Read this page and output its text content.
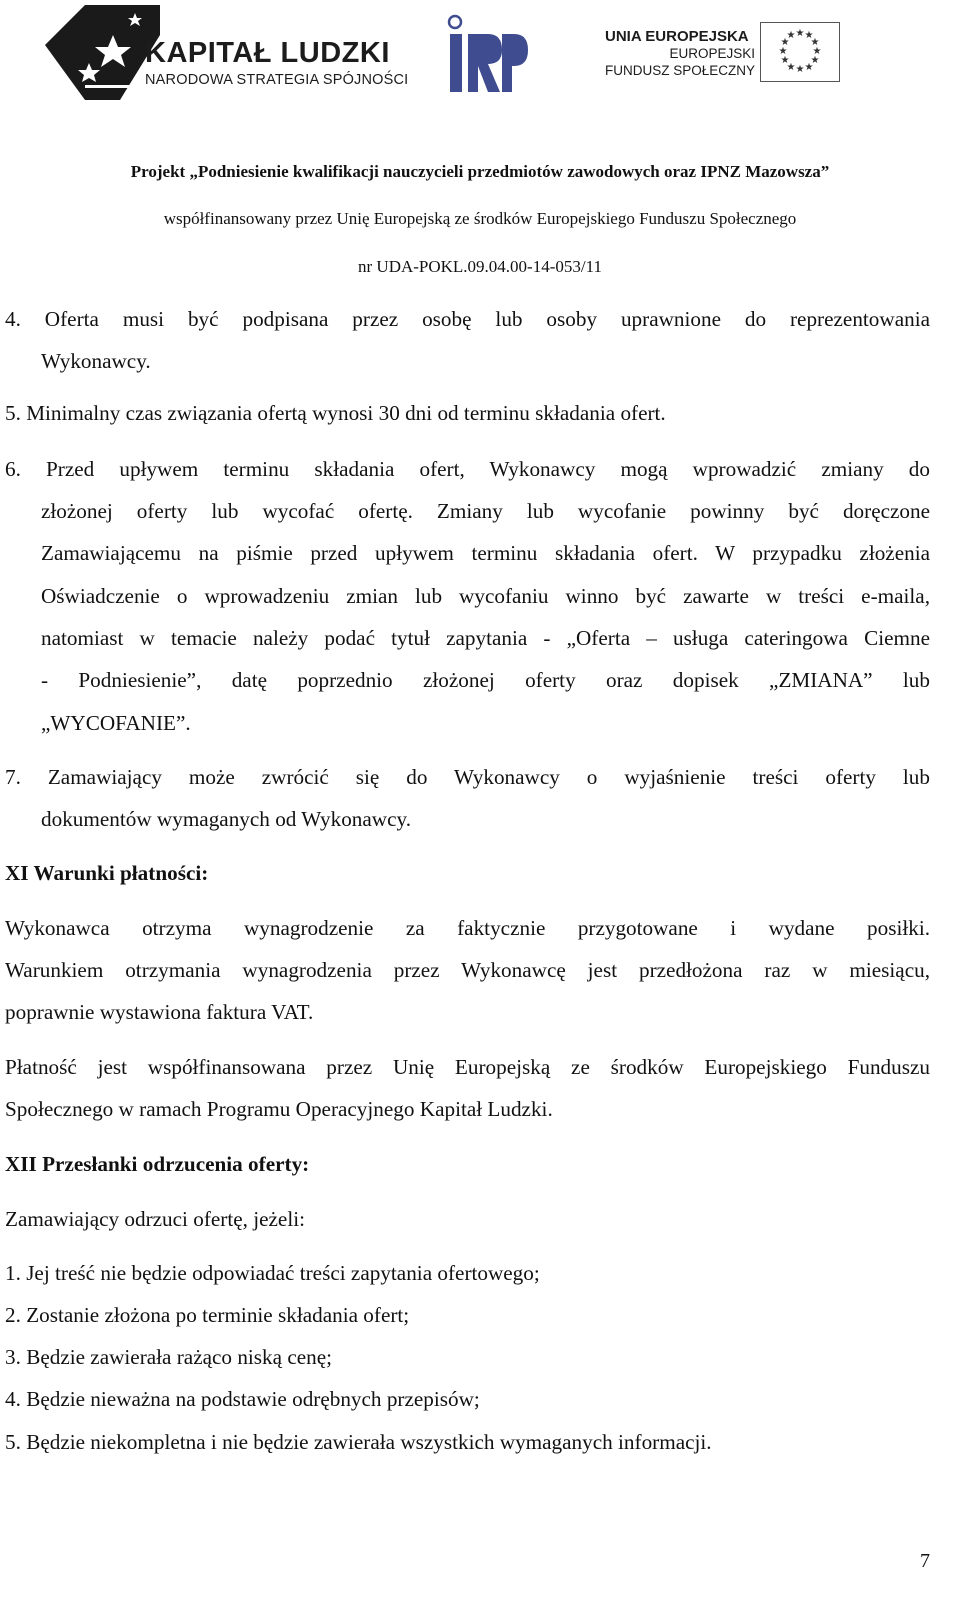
KAPITAŁ LUDZKI
NARODOWA STRATEGIA SPÓJNOŚCI
UNIA EUROPEJSKA
EUROPEJSKI
FUNDUSZ SPOŁECZNY
★ ★
★
★
★
★
★
★
★
★
★
★
Projekt „Podniesienie kwalifikacji nauczycieli przedmiotów zawodowych oraz IPNZ Mazowsza”
współfinansowany przez Unię Europejską ze środków Europejskiego Funduszu Społecznego
nr UDA-POKL.09.04.00-14-053/11
4. Oferta musi być podpisana przez osobę lub osoby uprawnione do reprezentowania
Wykonawcy.
5. Minimalny czas związania ofertą wynosi 30 dni od terminu składania ofert.
6. Przed upływem terminu składania ofert, Wykonawcy mogą wprowadzić zmiany do
złożonej oferty lub wycofać ofertę. Zmiany lub wycofanie powinny być doręczone
Zamawiającemu na piśmie przed upływem terminu składania ofert. W przypadku złożenia
Oświadczenie o wprowadzeniu zmian lub wycofaniu winno być zawarte w treści e-maila,
natomiast w temacie należy podać tytuł zapytania - „Oferta – usługa cateringowa Ciemne
- Podniesienie”, datę poprzednio złożonej oferty oraz dopisek „ZMIANA” lub
„WYCOFANIE”.
7. Zamawiający może zwrócić się do Wykonawcy o wyjaśnienie treści oferty lub
dokumentów wymaganych od Wykonawcy.
XI Warunki płatności:
Wykonawca otrzyma wynagrodzenie za faktycznie przygotowane i wydane posiłki.
Warunkiem otrzymania wynagrodzenia przez Wykonawcę jest przedłożona raz w miesiącu,
poprawnie wystawiona faktura VAT.
Płatność jest współfinansowana przez Unię Europejską ze środków Europejskiego Funduszu
Społecznego w ramach Programu Operacyjnego Kapitał Ludzki.
XII Przesłanki odrzucenia oferty:
Zamawiający odrzuci ofertę, jeżeli:
1. Jej treść nie będzie odpowiadać treści zapytania ofertowego;
2. Zostanie złożona po terminie składania ofert;
3. Będzie zawierała rażąco niską cenę;
4. Będzie nieważna na podstawie odrębnych przepisów;
5. Będzie niekompletna i nie będzie zawierała wszystkich wymaganych informacji.
7
